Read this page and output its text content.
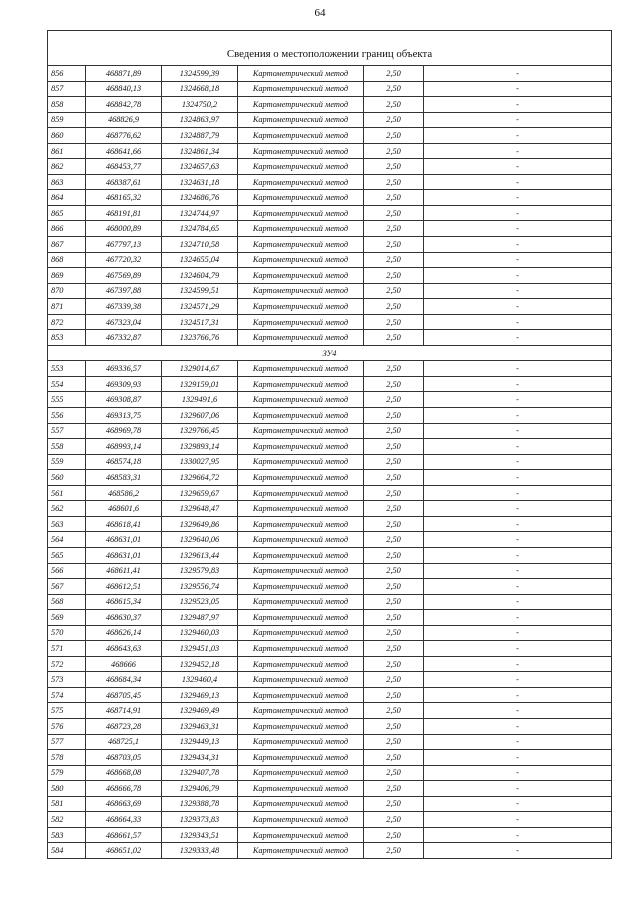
64
Сведения о местоположении границ объекта					
856	468871,89	1324599,39	Картометрический метод	2,50	-
857	468840,13	1324668,18	Картометрический метод	2,50	-
858	468842,78	1324750,2	Картометрический метод	2,50	-
859	468826,9	1324863,97	Картометрический метод	2,50	-
860	468776,62	1324887,79	Картометрический метод	2,50	-
861	468641,66	1324861,34	Картометрический метод	2,50	-
862	468453,77	1324657,63	Картометрический метод	2,50	-
863	468387,61	1324631,18	Картометрический метод	2,50	-
864	468165,32	1324686,76	Картометрический метод	2,50	-
865	468191,81	1324744,97	Картометрический метод	2,50	-
866	468000,89	1324784,65	Картометрический метод	2,50	-
867	467797,13	1324710,58	Картометрический метод	2,50	-
868	467720,32	1324655,04	Картометрический метод	2,50	-
869	467569,89	1324604,79	Картометрический метод	2,50	-
870	467397,88	1324599,51	Картометрический метод	2,50	-
871	467339,38	1324571,29	Картометрический метод	2,50	-
872	467323,04	1324517,31	Картометрический метод	2,50	-
853	467332,87	1323766,76	Картометрический метод	2,50	-
ЗУ4					
553	469336,57	1329014,67	Картометрический метод	2,50	-
554	469309,93	1329159,01	Картометрический метод	2,50	-
555	469308,87	1329491,6	Картометрический метод	2,50	-
556	469313,75	1329607,06	Картометрический метод	2,50	-
557	468969,78	1329766,45	Картометрический метод	2,50	-
558	468993,14	1329893,14	Картометрический метод	2,50	-
559	468574,18	1330027,95	Картометрический метод	2,50	-
560	468583,31	1329664,72	Картометрический метод	2,50	-
561	468586,2	1329659,67	Картометрический метод	2,50	-
562	468601,6	1329648,47	Картометрический метод	2,50	-
563	468618,41	1329649,86	Картометрический метод	2,50	-
564	468631,01	1329640,06	Картометрический метод	2,50	-
565	468631,01	1329613,44	Картометрический метод	2,50	-
566	468611,41	1329579,83	Картометрический метод	2,50	-
567	468612,51	1329556,74	Картометрический метод	2,50	-
568	468615,34	1329523,05	Картометрический метод	2,50	-
569	468630,37	1329487,97	Картометрический метод	2,50	-
570	468626,14	1329460,03	Картометрический метод	2,50	-
571	468643,63	1329451,03	Картометрический метод	2,50	-
572	468666	1329452,18	Картометрический метод	2,50	-
573	468684,34	1329460,4	Картометрический метод	2,50	-
574	468705,45	1329469,13	Картометрический метод	2,50	-
575	468714,91	1329469,49	Картометрический метод	2,50	-
576	468723,28	1329463,31	Картометрический метод	2,50	-
577	468725,1	1329449,13	Картометрический метод	2,50	-
578	468703,05	1329434,31	Картометрический метод	2,50	-
579	468668,08	1329407,78	Картометрический метод	2,50	-
580	468666,78	1329406,79	Картометрический метод	2,50	-
581	468663,69	1329388,78	Картометрический метод	2,50	-
582	468664,33	1329373,83	Картометрический метод	2,50	-
583	468661,57	1329343,51	Картометрический метод	2,50	-
584	468651,02	1329333,48	Картометрический метод	2,50	-
